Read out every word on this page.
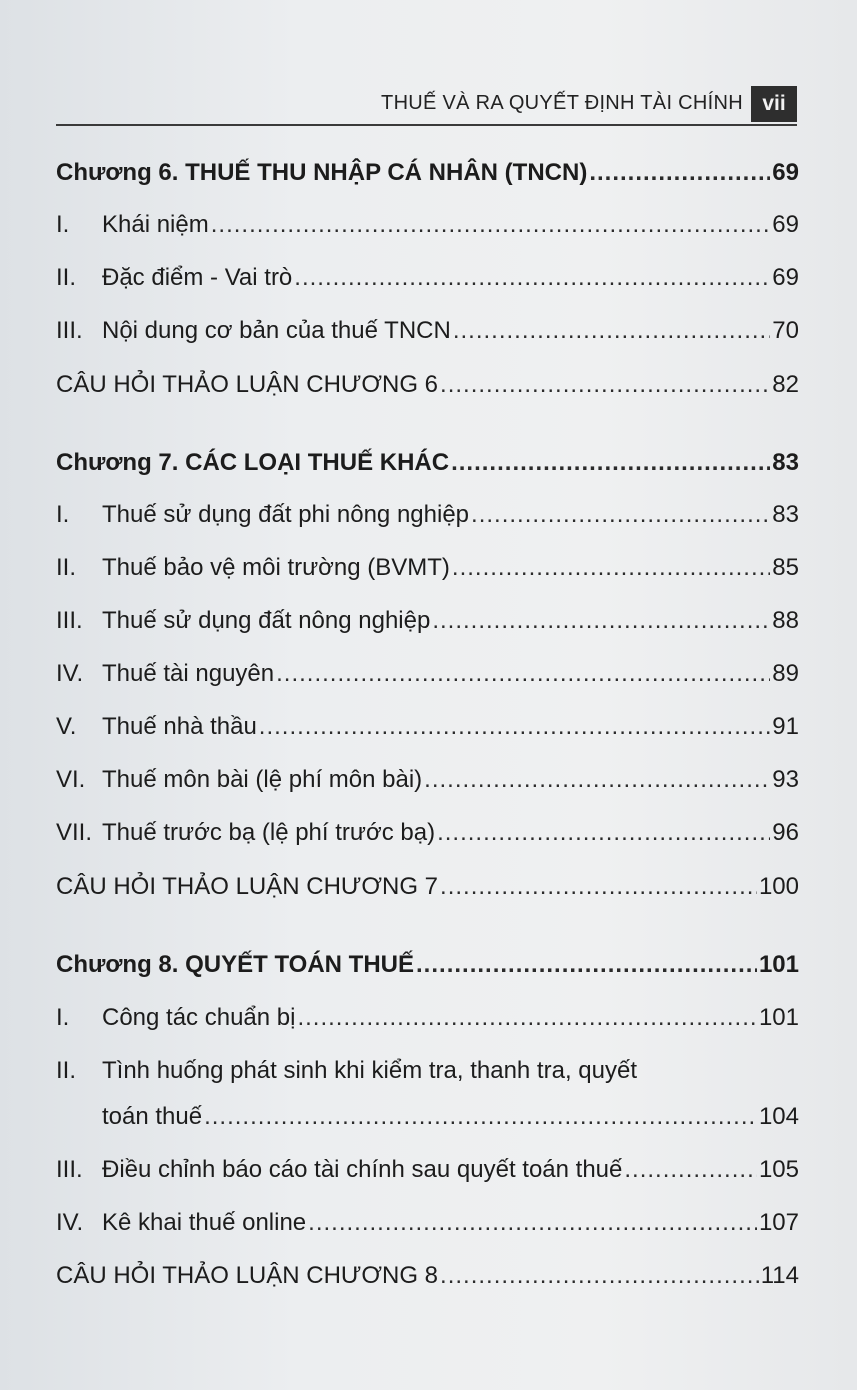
THUẾ VÀ RA QUYẾT ĐỊNH TÀI CHÍNH vii
Chương 6. THUẾ THU NHẬP CÁ NHÂN (TNCN) .....	69
I.	Khái niệm .....	69
II.	Đặc điểm - Vai trò .....	69
III. Nội dung cơ bản của thuế TNCN .....	70
CÂU HỎI THẢO LUẬN CHƯƠNG 6 .....	82
Chương 7. CÁC LOẠI THUẾ KHÁC .....	83
I.	Thuế sử dụng đất phi nông nghiệp .....	83
II.	Thuế bảo vệ môi trường (BVMT) .....	85
III. Thuế sử dụng đất nông nghiệp .....	88
IV. Thuế tài nguyên .....	89
V.	Thuế nhà thầu .....	91
VI. Thuế môn bài (lệ phí môn bài) .....	93
VII. Thuế trước bạ (lệ phí trước bạ) .....	96
CÂU HỎI THẢO LUẬN CHƯƠNG 7 .....	100
Chương 8. QUYẾT TOÁN THUẾ .....	101
I.	Công tác chuẩn bị .....	101
II.	Tình huống phát sinh khi kiểm tra, thanh tra, quyết
toán thuế .....	104
III. Điều chỉnh báo cáo tài chính sau quyết toán thuế .....	105
IV. Kê khai thuế online .....	107
CÂU HỎI THẢO LUẬN CHƯƠNG 8 .....	114
